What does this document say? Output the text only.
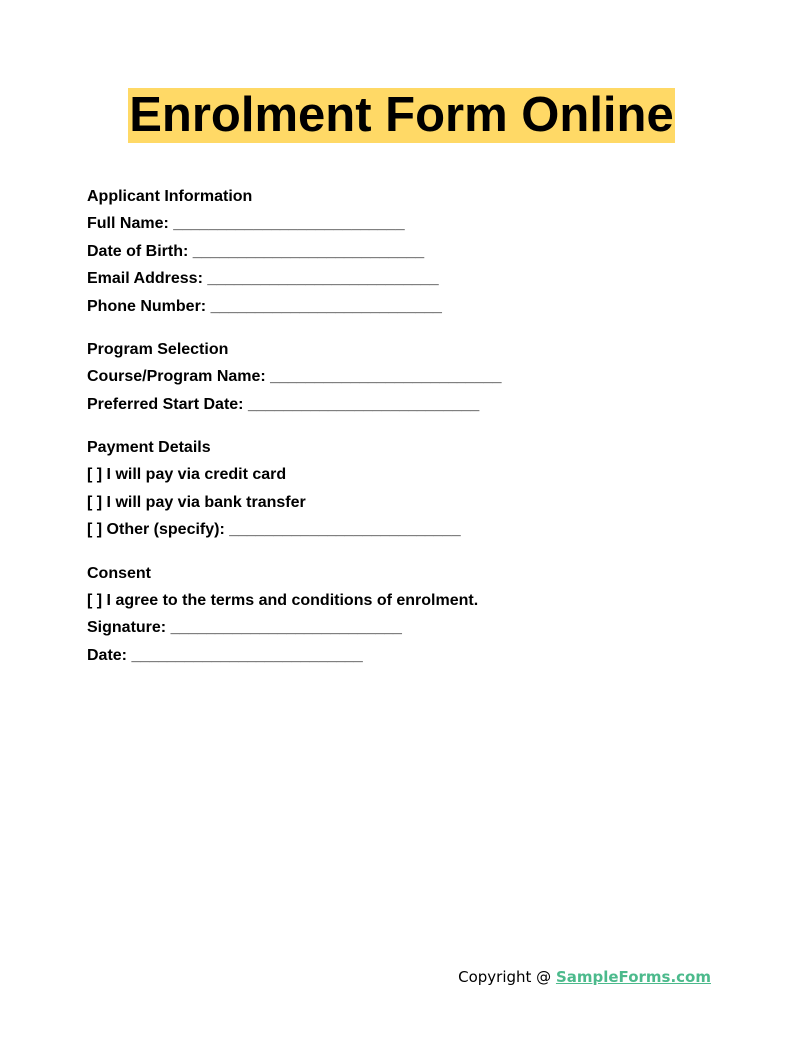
Enrolment Form Online
Applicant Information
Full Name: __________________________
Date of Birth: __________________________
Email Address: __________________________
Phone Number: __________________________
Program Selection
Course/Program Name: __________________________
Preferred Start Date: __________________________
Payment Details
[ ] I will pay via credit card
[ ] I will pay via bank transfer
[ ] Other (specify): __________________________
Consent
[ ] I agree to the terms and conditions of enrolment.
Signature: __________________________
Date: __________________________
Copyright @ SampleForms.com
